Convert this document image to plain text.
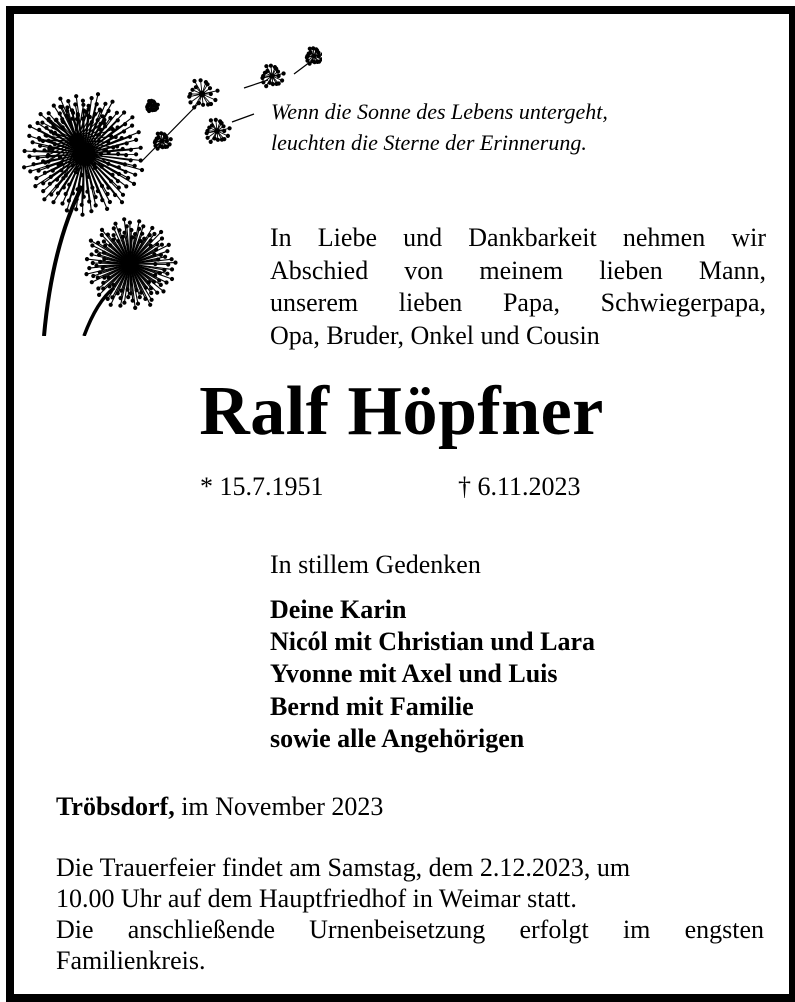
Wenn die Sonne des Lebens untergeht,
leuchten die Sterne der Erinnerung.
In Liebe und Dankbarkeit nehmen wir
Abschied von meinem lieben Mann,
unserem lieben Papa, Schwiegerpapa,
Opa, Bruder, Onkel und Cousin
Ralf Höpfner
* 15.7.1951	† 6.11.2023
In stillem Gedenken
Deine Karin
Nicól mit Christian und Lara
Yvonne mit Axel und Luis
Bernd mit Familie
sowie alle Angehörigen
Tröbsdorf, im November 2023
Die Trauerfeier findet am Samstag, dem 2.12.2023, um
10.00 Uhr auf dem Hauptfriedhof in Weimar statt.
Die anschließende Urnenbeisetzung erfolgt im engsten
Familienkreis.
